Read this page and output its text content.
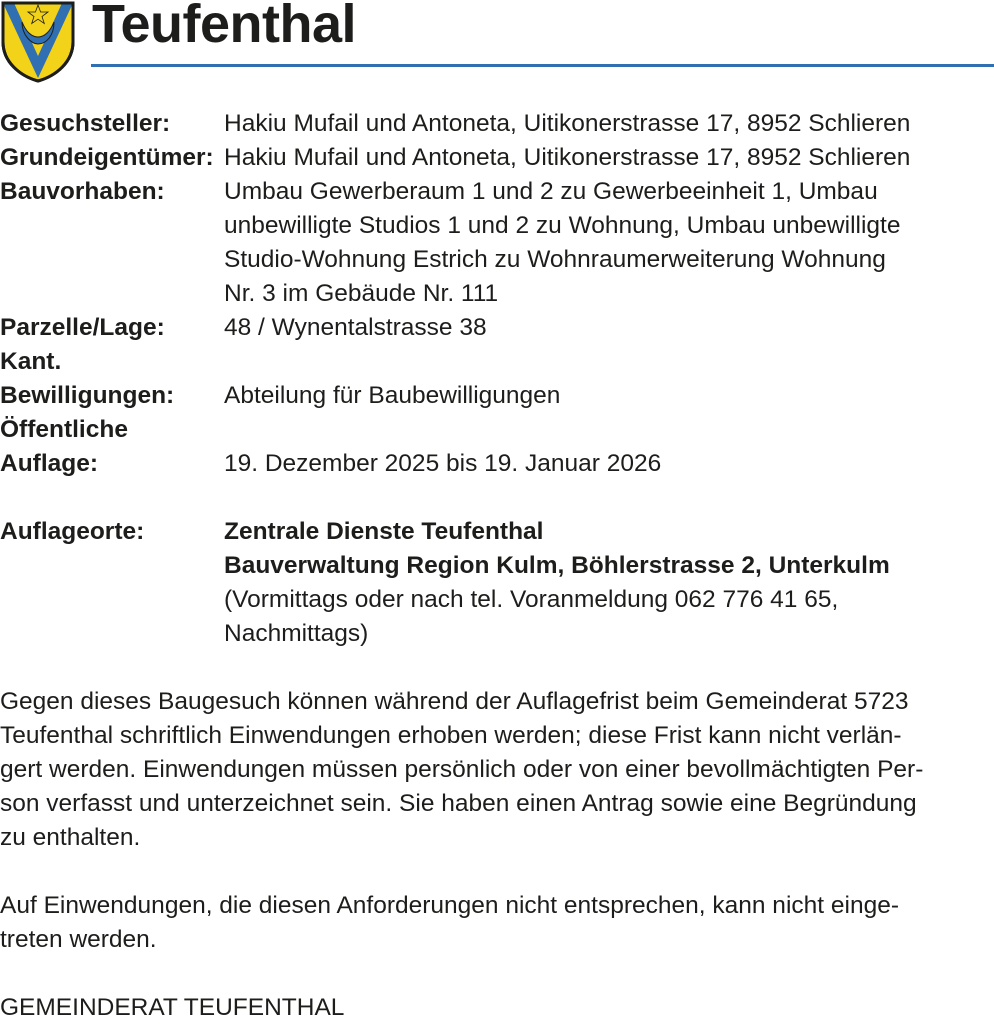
Teufenthal
Gesuchsteller:	Hakiu Mufail und Antoneta, Uitikonerstrasse 17, 8952 Schlieren
Grundeigentümer: Hakiu Mufail und Antoneta, Uitikonerstrasse 17, 8952 Schlieren
Bauvorhaben:	Umbau Gewerberaum 1 und 2 zu Gewerbeeinheit 1, Umbau
unbewilligte Studios 1 und 2 zu Wohnung, Umbau unbewilligte
Studio-Wohnung Estrich zu Wohnraumerweiterung Wohnung
Nr. 3 im Gebäude Nr. 111
Parzelle/Lage:	48 / Wynentalstrasse 38
Kant.
Bewilligungen:	Abteilung für Baubewilligungen
Öffentliche
Auflage:	19. Dezember 2025 bis 19. Januar 2026
Auflageorte:	Zentrale Dienste Teufenthal
Bauverwaltung Region Kulm, Böhlerstrasse 2, Unterkulm
(Vormittags oder nach tel. Voranmeldung 062 776 41 65,
Nachmittags)
Gegen dieses Baugesuch können während der Auflagefrist beim Gemeinderat 5723
Teufenthal schriftlich Einwendungen erhoben werden; diese Frist kann nicht verlän-
gert werden. Einwendungen müssen persönlich oder von einer bevollmächtigten Per-
son verfasst und unterzeichnet sein. Sie haben einen Antrag sowie eine Begründung
zu enthalten.
Auf Einwendungen, die diesen Anforderungen nicht entsprechen, kann nicht einge-
treten werden.
GEMEINDERAT TEUFENTHAL
